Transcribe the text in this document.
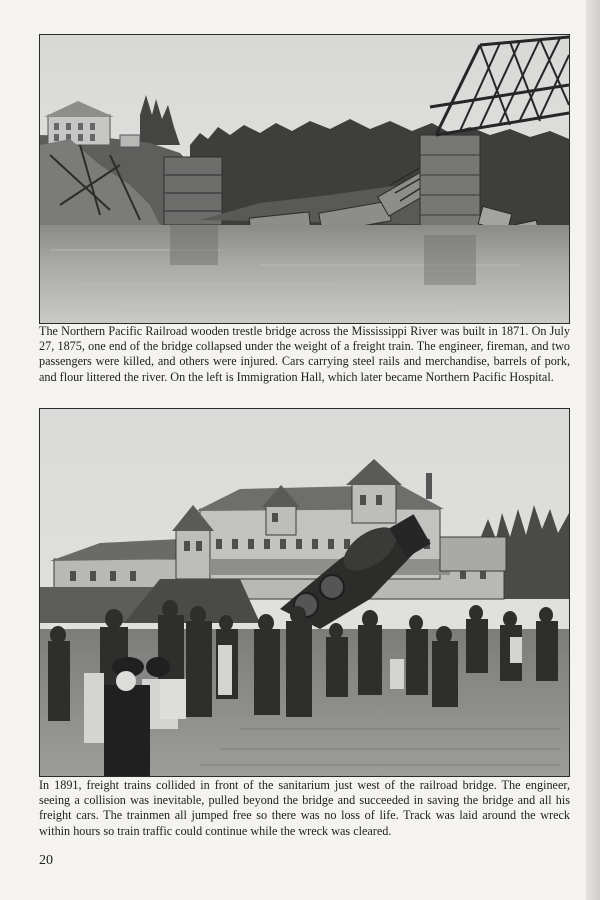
The Northern Pacific Railroad wooden trestle bridge across the Mississippi River was built in 1871. On July 27, 1875, one end of the bridge collapsed under the weight of a freight train. The engineer, fireman, and two passengers were killed, and others were injured. Cars carrying steel rails and merchandise, barrels of pork, and flour littered the river. On the left is Immigration Hall, which later became Northern Pacific Hospital.

In 1891, freight trains collided in front of the sanitarium just west of the railroad bridge. The engineer, seeing a collision was inevitable, pulled beyond the bridge and succeeded in saving the bridge and all his freight cars. The trainmen all jumped free so there was no loss of life. Track was laid around the wreck within hours so train traffic could continue while the wreck was cleared.

20
